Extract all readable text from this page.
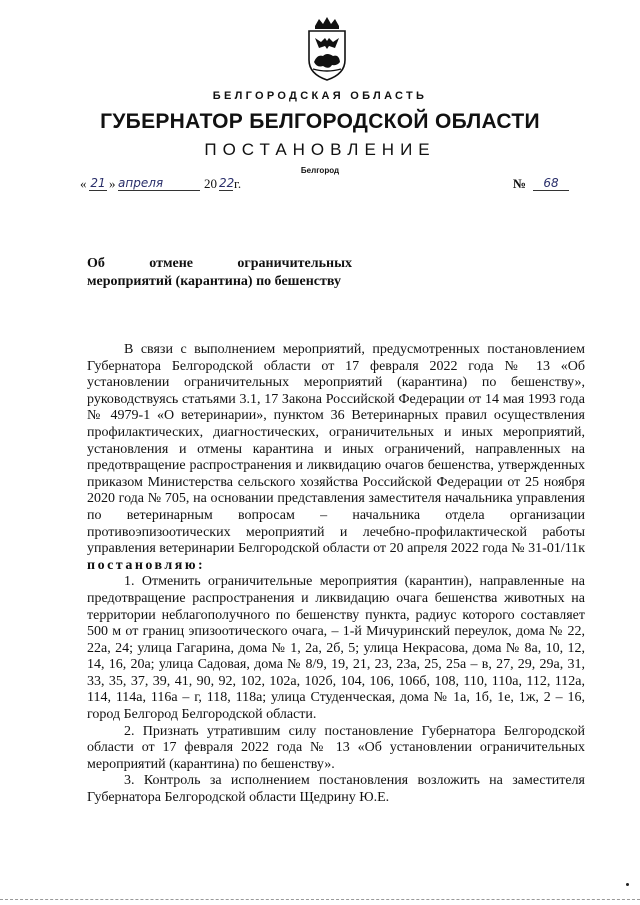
БЕЛГОРОДСКАЯ ОБЛАСТЬ
ГУБЕРНАТОР БЕЛГОРОДСКОЙ ОБЛАСТИ
ПОСТАНОВЛЕНИЕ
Белгород
« 21 » апреля	20 22 г.	№	68
Об отмене ограничительных
мероприятий (карантина) по бешенству

В связи с выполнением мероприятий, предусмотренных постановлением Губернатора Белгородской области от 17 февраля 2022 года № 13 «Об установлении ограничительных мероприятий (карантина) по бешенству», руководствуясь статьями 3.1, 17 Закона Российской Федерации от 14 мая 1993 года № 4979-1 «О ветеринарии», пунктом 36 Ветеринарных правил осуществления профилактических, диагностических, ограничительных и иных мероприятий, установления и отмены карантина и иных ограничений, направленных на предотвращение распространения и ликвидацию очагов бешенства, утвержденных приказом Министерства сельского хозяйства Российской Федерации от 25 ноября 2020 года № 705, на основании представления заместителя начальника управления по ветеринарным вопросам – начальника отдела организации противоэпизоотических мероприятий и лечебно-профилактической работы управления ветеринарии Белгородской области от 20 апреля 2022 года № 31-01/11к постановляю:

1. Отменить ограничительные мероприятия (карантин), направленные на предотвращение распространения и ликвидацию очага бешенства животных на территории неблагополучного по бешенству пункта, радиус которого составляет 500 м от границ эпизоотического очага, – 1-й Мичуринский переулок, дома № 22, 22а, 24; улица Гагарина, дома № 1, 2а, 2б, 5; улица Некрасова, дома № 8а, 10, 12, 14, 16, 20а; улица Садовая, дома № 8/9, 19, 21, 23, 23а, 25, 25а – в, 27, 29, 29а, 31, 33, 35, 37, 39, 41, 90, 92, 102, 102а, 102б, 104, 106, 106б, 108, 110, 110а, 112, 112а, 114, 114а, 116а – г, 118, 118а; улица Студенческая, дома № 1а, 1б, 1е, 1ж, 2 – 16, город Белгород Белгородской области.

2. Признать утратившим силу постановление Губернатора Белгородской области от 17 февраля 2022 года № 13 «Об установлении ограничительных мероприятий (карантина) по бешенству».

3. Контроль за исполнением постановления возложить на заместителя Губернатора Белгородской области Щедрину Ю.Е.
